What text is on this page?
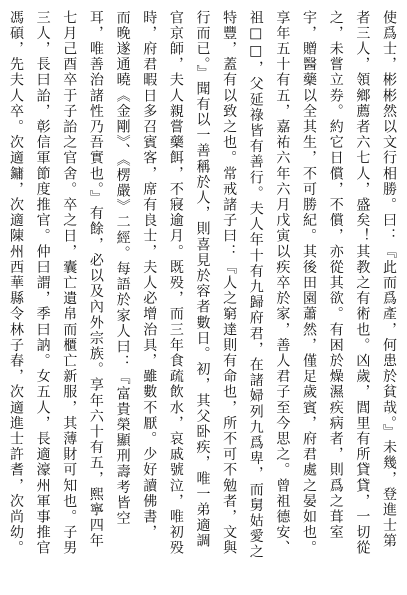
使爲士，彬彬然以文行相勝。曰：『此而爲產，何患於貧哉。』未幾，登進士第
者三人，領鄉薦者六七人，盛矣！其教之有術也。凶歲，閭里有所貸貸，一切從
之，未嘗立券。約它日償，不償，亦從其欲。有困於燥濕疾病者，則爲之葺室
宇，贈醫藥以全其生，不可勝紀。其後田園蕭然，僅足歲賓，府君處之晏如也。
享年五十有五，嘉祐六年六月戊寅以疾卒於家，善人君子至今思之。曾祖德安、
祖□□，父延祿皆有善行。夫人年十有九歸府君，在諸婦列九爲卑，而舅姑愛之
特豐，蓋有以致之也。常戒諸子曰：『人之窮達則有命也，所不可不勉者，文與
行而已。』聞有以一善稱於人，則喜見於容者數日。初，其父卧疾，唯一弟適調
官京師，夫人親嘗藥餌，不寢逾月。既殁，而三年食疏飲水，哀戚號泣，唯初殁
時，府君暇日多召賓客，席有良士，夫人必增治具，雖數不厭。少好讀佛書，
而晚遂通曉《金剛》、《楞嚴》二經。每語於家人曰：『富貴榮顯刑壽考皆空
耳，唯善治諸性乃吾實也。』有餘，必以及內外宗族。享年六十有五，熙寧四年
七月己酉卒于子詒之官舍。卒之日，囊亡遺帛而櫃亡新服，其薄財可知也。子男
三人，長曰詒，彰信軍節度推官。仲曰謂，季曰訥。女五人，長適濠州軍事推官
馮碩，先夫人卒。次適鏞，次適陳州西華縣令林子春，次適進士許耆，次尚幼。
